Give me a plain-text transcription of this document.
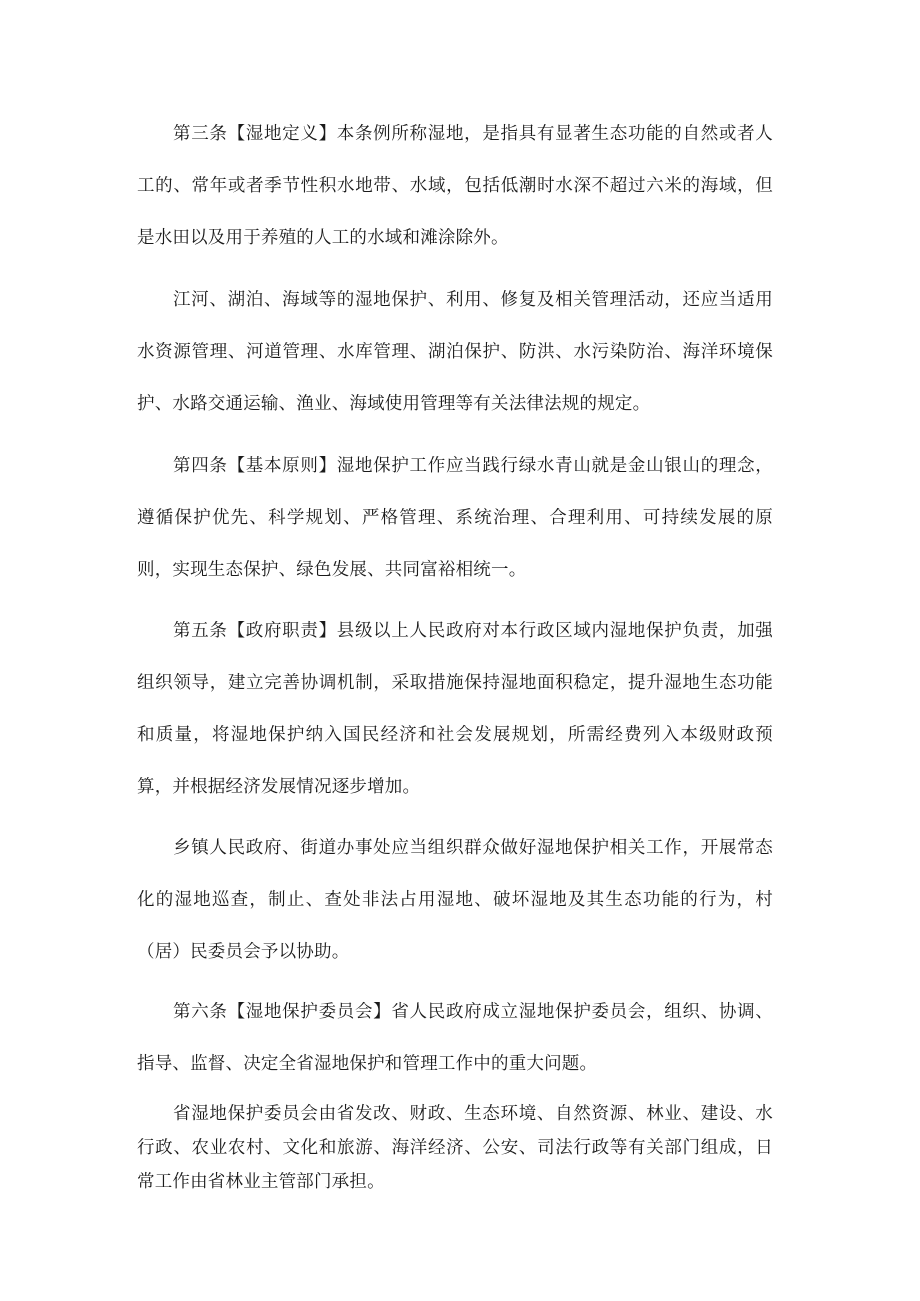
第三条【湿地定义】本条例所称湿地，是指具有显著生态功能的自然或者人工的、常年或者季节性积水地带、水域，包括低潮时水深不超过六米的海域，但是水田以及用于养殖的人工的水域和滩涂除外。

江河、湖泊、海域等的湿地保护、利用、修复及相关管理活动，还应当适用水资源管理、河道管理、水库管理、湖泊保护、防洪、水污染防治、海洋环境保护、水路交通运输、渔业、海域使用管理等有关法律法规的规定。

第四条【基本原则】湿地保护工作应当践行绿水青山就是金山银山的理念，遵循保护优先、科学规划、严格管理、系统治理、合理利用、可持续发展的原则，实现生态保护、绿色发展、共同富裕相统一。

第五条【政府职责】县级以上人民政府对本行政区域内湿地保护负责，加强组织领导，建立完善协调机制，采取措施保持湿地面积稳定，提升湿地生态功能和质量，将湿地保护纳入国民经济和社会发展规划，所需经费列入本级财政预算，并根据经济发展情况逐步增加。

乡镇人民政府、街道办事处应当组织群众做好湿地保护相关工作，开展常态化的湿地巡查，制止、查处非法占用湿地、破坏湿地及其生态功能的行为，村（居）民委员会予以协助。

第六条【湿地保护委员会】省人民政府成立湿地保护委员会，组织、协调、指导、监督、决定全省湿地保护和管理工作中的重大问题。

省湿地保护委员会由省发改、财政、生态环境、自然资源、林业、建设、水行政、农业农村、文化和旅游、海洋经济、公安、司法行政等有关部门组成，日常工作由省林业主管部门承担。
